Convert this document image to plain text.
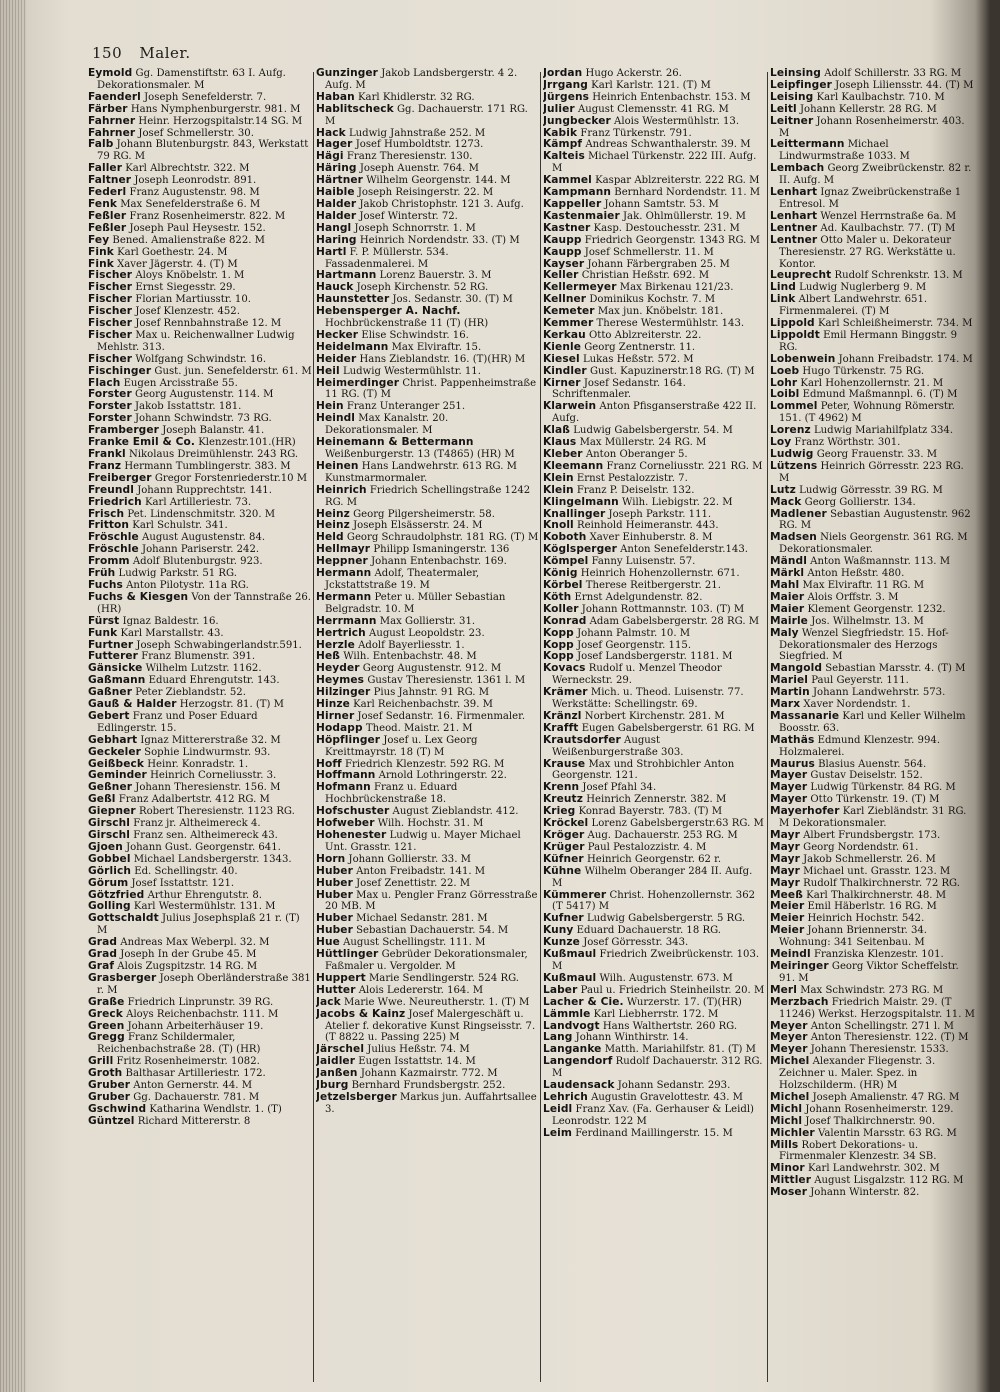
150 Maler.
Eymold Gg. Damenstiftstr. 63 I. Aufg. Dekorationsmaler. M
Faenderl Joseph Senefelderstr. 7.
Färber Hans Nymphenburgerstr. 981. M
Fahrner Heinr. Herzogspitalstr.14 SG. M
Fahrner Josef Schmellerstr. 30.
Falb Johann Blutenburgstr. 843, Werkstatt 79 RG. M
Faller Karl Albrechtstr. 322. M
Faltner Joseph Leonrodstr. 891.
Federl Franz Augustenstr. 98. M
Fenk Max Senefelderstraße 6. M
Feßler Franz Rosenheimerstr. 822. M
Feßler Joseph Paul Heysestr. 152.
Fey Bened. Amalienstraße 822. M
Fink Karl Goethestr. 24. M
Fink Xaver Jägerstr. 4. (T) M
Fischer Aloys Knöbelstr. 1. M
Fischer Ernst Siegesstr. 29.
Fischer Florian Martiusstr. 10.
Fischer Josef Klenzestr. 452.
Fischer Josef Rennbahnstraße 12. M
Fischer Max u. Reichenwallner Ludwig Mehlstr. 313.
Fischer Wolfgang Schwindstr. 16.
Fischinger Gust. jun. Senefelderstr. 61. M
Flach Eugen Arcisstraße 55.
Forster Georg Augustenstr. 114. M
Forster Jakob Isstattstr. 181.
Forster Johann Schwindstr. 73 RG.
Framberger Joseph Balanstr. 41.
Franke Emil & Co. Klenzestr.101.(HR)
Frankl Nikolaus Dreimühlenstr. 243 RG.
Franz Hermann Tumblingerstr. 383. M
Freiberger Gregor Forstenriederstr.10 M
Freundl Johann Rupprechtstr. 141.
Friedrich Karl Artilleriestr. 73.
Frisch Pet. Lindenschmitstr. 320. M
Fritton Karl Schulstr. 341.
Fröschle August Augustenstr. 84.
Fröschle Johann Pariserstr. 242.
Fromm Adolf Blutenburgstr. 923.
Früh Ludwig Parkstr. 51 RG.
Fuchs Anton Pilotystr. 11a RG.
Fuchs & Kiesgen Von der Tannstraße 26. (HR)
Fürst Ignaz Baldestr. 16.
Funk Karl Marstallstr. 43.
Furtner Joseph Schwabingerlandstr.591.
Futterer Franz Blumenstr. 391.
Gänsicke Wilhelm Lutzstr. 1162.
Gaßmann Eduard Ehrengutstr. 143.
Gaßner Peter Zieblandstr. 52.
Gauß & Halder Herzogstr. 81. (T) M
Gebert Franz und Poser Eduard Edlingerstr. 15.
Gebhart Ignaz Mittererstraße 32. M
Geckeler Sophie Lindwurmstr. 93.
Geißbeck Heinr. Konradstr. 1.
Geminder Heinrich Corneliusstr. 3.
Geßner Johann Theresienstr. 156. M
Geßl Franz Adalbertstr. 412 RG. M
Giepner Robert Theresienstr. 1123 RG.
Girschl Franz jr. Altheimereck 4.
Girschl Franz sen. Altheimereck 43.
Gjoen Johann Gust. Georgenstr. 641.
Gobbel Michael Landsbergerstr. 1343.
Görlich Ed. Schellingstr. 40.
Görum Josef Isstattstr. 121.
Götzfried Arthur Ehrengutstr. 8.
Golling Karl Westermühlstr. 131. M
Gottschaldt Julius Josephsplaß 21 r. (T) M
Grad Andreas Max Weberpl. 32. M
Grad Joseph In der Grube 45. M
Graf Alois Zugspitzstr. 14 RG. M
Grasberger Joseph Oberländerstraße 381 r. M
Graße Friedrich Linprunstr. 39 RG.
Greck Aloys Reichenbachstr. 111. M
Green Johann Arbeiterhäuser 19.
Gregg Franz Schildermaler, Reichenbachstraße 28. (T) (HR)
Grill Fritz Rosenheimerstr. 1082.
Groth Balthasar Artilleriestr. 172.
Gruber Anton Gernerstr. 44. M
Gruber Gg. Dachauerstr. 781. M
Gschwind Katharina Wendlstr. 1. (T)
Güntzel Richard Mittererstr. 8
Gunzinger Jakob Landsbergerstr. 4 2. Aufg. M
Haban Karl Khidlerstr. 32 RG.
Hablitscheck Gg. Dachauerstr. 171 RG. M
Hack Ludwig Jahnstraße 252. M
Hager Josef Humboldtstr. 1273.
Hägi Franz Theresienstr. 130.
Häring Joseph Auenstr. 764. M
Härtner Wilhelm Georgenstr. 144. M
Haible Joseph Reisingerstr. 22. M
Halder Jakob Christophstr. 121 3. Aufg.
Halder Josef Winterstr. 72.
Hangl Joseph Schnorrstr. 1. M
Haring Heinrich Nordendstr. 33. (T) M
Hartl F. P. Müllerstr. 534. Fassadenmalerei. M
Hartmann Lorenz Bauerstr. 3. M
Hauck Joseph Kirchenstr. 52 RG.
Haunstetter Jos. Sedanstr. 30. (T) M
Hebensperger A. Nachf. Hochbrückenstraße 11 (T) (HR)
Hecker Elise Schwindstr. 16.
Heidelmann Max Elviraftr. 15.
Heider Hans Zieblandstr. 16. (T)(HR) M
Heil Ludwig Westermühlstr. 11.
Heimerdinger Christ. Pappenheimstraße 11 RG. (T) M
Hein Franz Unteranger 251.
Heindl Max Kanalstr. 20. Dekorationsmaler. M
Heinemann & Bettermann Weißenburgerstr. 13 (T4865) (HR) M
Heinen Hans Landwehrstr. 613 RG. M Kunstmarmormaler.
Heinrich Friedrich Schellingstraße 1242 RG. M
Heinz Georg Pilgersheimerstr. 58.
Heinz Joseph Elsässerstr. 24. M
Held Georg Schraudolphstr. 181 RG. (T) M
Hellmayr Philipp Ismaningerstr. 136
Heppner Johann Entenbachstr. 169.
Hermann Adolf, Theatermaler, Jckstattstraße 19. M
Hermann Peter u. Müller Sebastian Belgradstr. 10. M
Herrmann Max Gollierstr. 31.
Hertrich August Leopoldstr. 23.
Herzle Adolf Bayerliesstr. 1.
Heß Wilh. Entenbachstr. 48. M
Heyder Georg Augustenstr. 912. M
Heymes Gustav Theresienstr. 1361 l. M
Hilzinger Pius Jahnstr. 91 RG. M
Hinze Karl Reichenbachstr. 39. M
Hirner Josef Sedanstr. 16. Firmenmaler.
Hodapp Theod. Maistr. 21. M
Höpflinger Josef u. Lex Georg Kreittmayrstr. 18 (T) M
Hoff Friedrich Klenzestr. 592 RG. M
Hoffmann Arnold Lothringerstr. 22.
Hofmann Franz u. Eduard Hochbrückenstraße 18.
Hofschuster August Zieblandstr. 412.
Hofweber Wilh. Hochstr. 31. M
Hohenester Ludwig u. Mayer Michael Unt. Grasstr. 121.
Horn Johann Gollierstr. 33. M
Huber Anton Freibadstr. 141. M
Huber Josef Zenettistr. 22. M
Huber Max u. Pengler Franz Görresstraße 20 MB. M
Huber Michael Sedanstr. 281. M
Huber Sebastian Dachauerstr. 54. M
Hue August Schellingstr. 111. M
Hüttlinger Gebrüder Dekorationsmaler, Faßmaler u. Vergolder. M
Huppert Marie Sendlingerstr. 524 RG.
Hutter Alois Ledererstr. 164. M
Jack Marie Wwe. Neureutherstr. 1. (T) M
Jacobs & Kainz Josef Malergeschäft u. Atelier f. dekorative Kunst Ringseisstr. 7. (T 8822 u. Passing 225) M
Järschel Julius Heßstr. 74. M
Jaidler Eugen Isstattstr. 14. M
Janßen Johann Kazmairstr. 772. M
Jburg Bernhard Frundsbergstr. 252.
Jetzelsberger Markus jun. Auffahrtsallee 3.
Jordan Hugo Ackerstr. 26.
Jrrgang Karl Karlstr. 121. (T) M
Jürgens Heinrich Entenbachstr. 153. M
Julier August Clemensstr. 41 RG. M
Jungbecker Alois Westermühlstr. 13.
Kabik Franz Türkenstr. 791.
Kämpf Andreas Schwanthalerstr. 39. M
Kalteis Michael Türkenstr. 222 III. Aufg. M
Kammel Kaspar Ablzreiterstr. 222 RG. M
Kampmann Bernhard Nordendstr. 11. M
Kappeller Johann Samtstr. 53. M
Kastenmaier Jak. Ohlmüllerstr. 19. M
Kastner Kasp. Destouchesstr. 231. M
Kaupp Friedrich Georgenstr. 1343 RG. M
Kaupp Josef Schmellerstr. 11. M
Kayser Johann Färbergraben 25. M
Keller Christian Heßstr. 692. M
Kellermeyer Max Birkenau 121/23.
Kellner Dominikus Kochstr. 7. M
Kemeter Max jun. Knöbelstr. 181.
Kemmer Therese Westermühlstr. 143.
Kerkau Otto Ablzreiterstr. 22.
Kienle Georg Zentnerstr. 11.
Kiesel Lukas Heßstr. 572. M
Kindler Gust. Kapuzinerstr.18 RG. (T) M
Kirner Josef Sedanstr. 164. Schriftenmaler.
Klarwein Anton Pfisganserstraße 422 II. Aufg.
Klaß Ludwig Gabelsbergerstr. 54. M
Klaus Max Müllerstr. 24 RG. M
Kleber Anton Oberanger 5.
Kleemann Franz Corneliusstr. 221 RG. M
Klein Ernst Pestalozzistr. 7.
Klein Franz P. Deiselstr. 132.
Klingelmann Wilh. Liebigstr. 22. M
Knallinger Joseph Parkstr. 111.
Knoll Reinhold Heimeranstr. 443.
Koboth Xaver Einhuberstr. 8. M
Köglsperger Anton Senefelderstr.143.
Kömpel Fanny Luisenstr. 57.
König Heinrich Hohenzollernstr. 671.
Körbel Therese Reitbergerstr. 21.
Köth Ernst Adelgundenstr. 82.
Koller Johann Rottmannstr. 103. (T) M
Konrad Adam Gabelsbergerstr. 28 RG. M
Kopp Johann Palmstr. 10. M
Kopp Josef Georgenstr. 115.
Kopp Josef Landsbergerstr. 1181. M
Kovacs Rudolf u. Menzel Theodor Werneckstr. 29.
Krämer Mich. u. Theod. Luisenstr. 77. Werkstätte: Schellingstr. 69.
Kränzl Norbert Kirchenstr. 281. M
Krafft Eugen Gabelsbergerstr. 61 RG. M
Krautsdorfer August Weißenburgerstraße 303.
Krause Max und Strohbichler Anton Georgenstr. 121.
Krenn Josef Pfahl 34.
Kreutz Heinrich Zennerstr. 382. M
Krieg Konrad Bayerstr. 783. (T) M
Kröckel Lorenz Gabelsbergerstr.63 RG. M
Kröger Aug. Dachauerstr. 253 RG. M
Krüger Paul Pestalozzistr. 4. M
Küfner Heinrich Georgenstr. 62 r.
Kühne Wilhelm Oberanger 284 II. Aufg. M
Kümmerer Christ. Hohenzollernstr. 362 (T 5417) M
Kufner Ludwig Gabelsbergerstr. 5 RG.
Kuny Eduard Dachauerstr. 18 RG.
Kunze Josef Görresstr. 343.
Kußmaul Friedrich Zweibrückenstr. 103. M
Kußmaul Wilh. Augustenstr. 673. M
Laber Paul u. Friedrich Steinheilstr. 20. M
Lacher & Cie. Wurzerstr. 17. (T)(HR)
Lämmle Karl Liebherrstr. 172. M
Landvogt Hans Walthertstr. 260 RG.
Lang Johann Winthirstr. 14.
Langanke Matth. Mariahilfstr. 81. (T) M
Langendorf Rudolf Dachauerstr. 312 RG. M
Laudensack Johann Sedanstr. 293.
Lehrich Augustin Gravelottestr. 43. M
Leidl Franz Xav. (Fa. Gerhauser & Leidl) Leonrodstr. 122 M
Leim Ferdinand Maillingerstr. 15. M
Leinsing Adolf Schillerstr. 33 RG. M
Leipfinger Joseph Liliensstr. 44. (T) M
Leising Karl Kaulbachstr. 710. M
Leitl Johann Kellerstr. 28 RG. M
Leitner Johann Rosenheimerstr. 403. M
Leittermann Michael Lindwurmstraße 1033. M
Lembach Georg Zweibrückenstr. 82 r. II. Aufg. M
Lenhart Ignaz Zweibrückenstraße 1 Entresol. M
Lenhart Wenzel Herrnstraße 6a. M
Lentner Ad. Kaulbachstr. 77. (T) M
Lentner Otto Maler u. Dekorateur Theresienstr. 27 RG. Werkstätte u. Kontor.
Leuprecht Rudolf Schrenkstr. 13. M
Lind Ludwig Nuglerberg 9. M
Link Albert Landwehrstr. 651. Firmenmalerei. (T) M
Lippold Karl Schleißheimerstr. 734. M
Lippoldt Emil Hermann Binggstr. 9 RG.
Lobenwein Johann Freibadstr. 174. M
Loeb Hugo Türkenstr. 75 RG.
Lohr Karl Hohenzollernstr. 21. M
Loibl Edmund Maßmannpl. 6. (T) M
Lommel Peter, Wohnung Römerstr. 151. (T 4962) M
Lorenz Ludwig Mariahilfplatz 334.
Loy Franz Wörthstr. 301.
Ludwig Georg Frauenstr. 33. M
Lützens Heinrich Görresstr. 223 RG. M
Lutz Ludwig Görresstr. 39 RG. M
Mack Georg Gollierstr. 134.
Madlener Sebastian Augustenstr. 962 RG. M
Madsen Niels Georgenstr. 361 RG. M Dekorationsmaler.
Mändl Anton Waßmannstr. 113. M
Märkl Anton Heßstr. 480.
Mahl Max Elviraftr. 11 RG. M
Maier Alois Orffstr. 3. M
Maier Klement Georgenstr. 1232.
Mairle Jos. Wilhelmstr. 13. M
Maly Wenzel Siegfriedstr. 15. Hof-Dekorationsmaler des Herzogs Siegfried. M
Mangold Sebastian Marsstr. 4. (T) M
Mariel Paul Geyerstr. 111.
Martin Johann Landwehrstr. 573.
Marx Xaver Nordendstr. 1.
Massanarie Karl und Keller Wilhelm Boosstr. 63.
Mathäs Edmund Klenzestr. 994. Holzmalerei.
Maurus Blasius Auenstr. 564.
Mayer Gustav Deiselstr. 152.
Mayer Ludwig Türkenstr. 84 RG. M
Mayer Otto Türkenstr. 19. (T) M
Mayerhofer Karl Ziebländstr. 31 RG. M Dekorationsmaler.
Mayr Albert Frundsbergstr. 173.
Mayr Georg Nordendstr. 61.
Mayr Jakob Schmellerstr. 26. M
Mayr Michael unt. Grasstr. 123. M
Mayr Rudolf Thalkirchnerstr. 72 RG.
Meeß Karl Thalkirchnerstr. 48. M
Meier Emil Häberlstr. 16 RG. M
Meier Heinrich Hochstr. 542.
Meier Johann Briennerstr. 34. Wohnung: 341 Seitenbau. M
Meindl Franziska Klenzestr. 101.
Meiringer Georg Viktor Scheffelstr. 91. M
Merl Max Schwindstr. 273 RG. M
Merzbach Friedrich Maistr. 29. (T 11246) Werkst. Herzogspitalstr. 11. M
Meyer Anton Schellingstr. 271 l. M
Meyer Anton Theresienstr. 122. (T) M
Meyer Johann Theresienstr. 1533.
Michel Alexander Fliegenstr. 3. Zeichner u. Maler. Spez. in Holzschilderm. (HR) M
Michel Joseph Amalienstr. 47 RG. M
Michl Johann Rosenheimerstr. 129.
Michl Josef Thalkirchnerstr. 90.
Michler Valentin Marsstr. 63 RG. M
Mills Robert Dekorations- u. Firmenmaler Klenzestr. 34 SB.
Minor Karl Landwehrstr. 302. M
Mittler August Lisgalzstr. 112 RG. M
Moser Johann Winterstr. 82.
